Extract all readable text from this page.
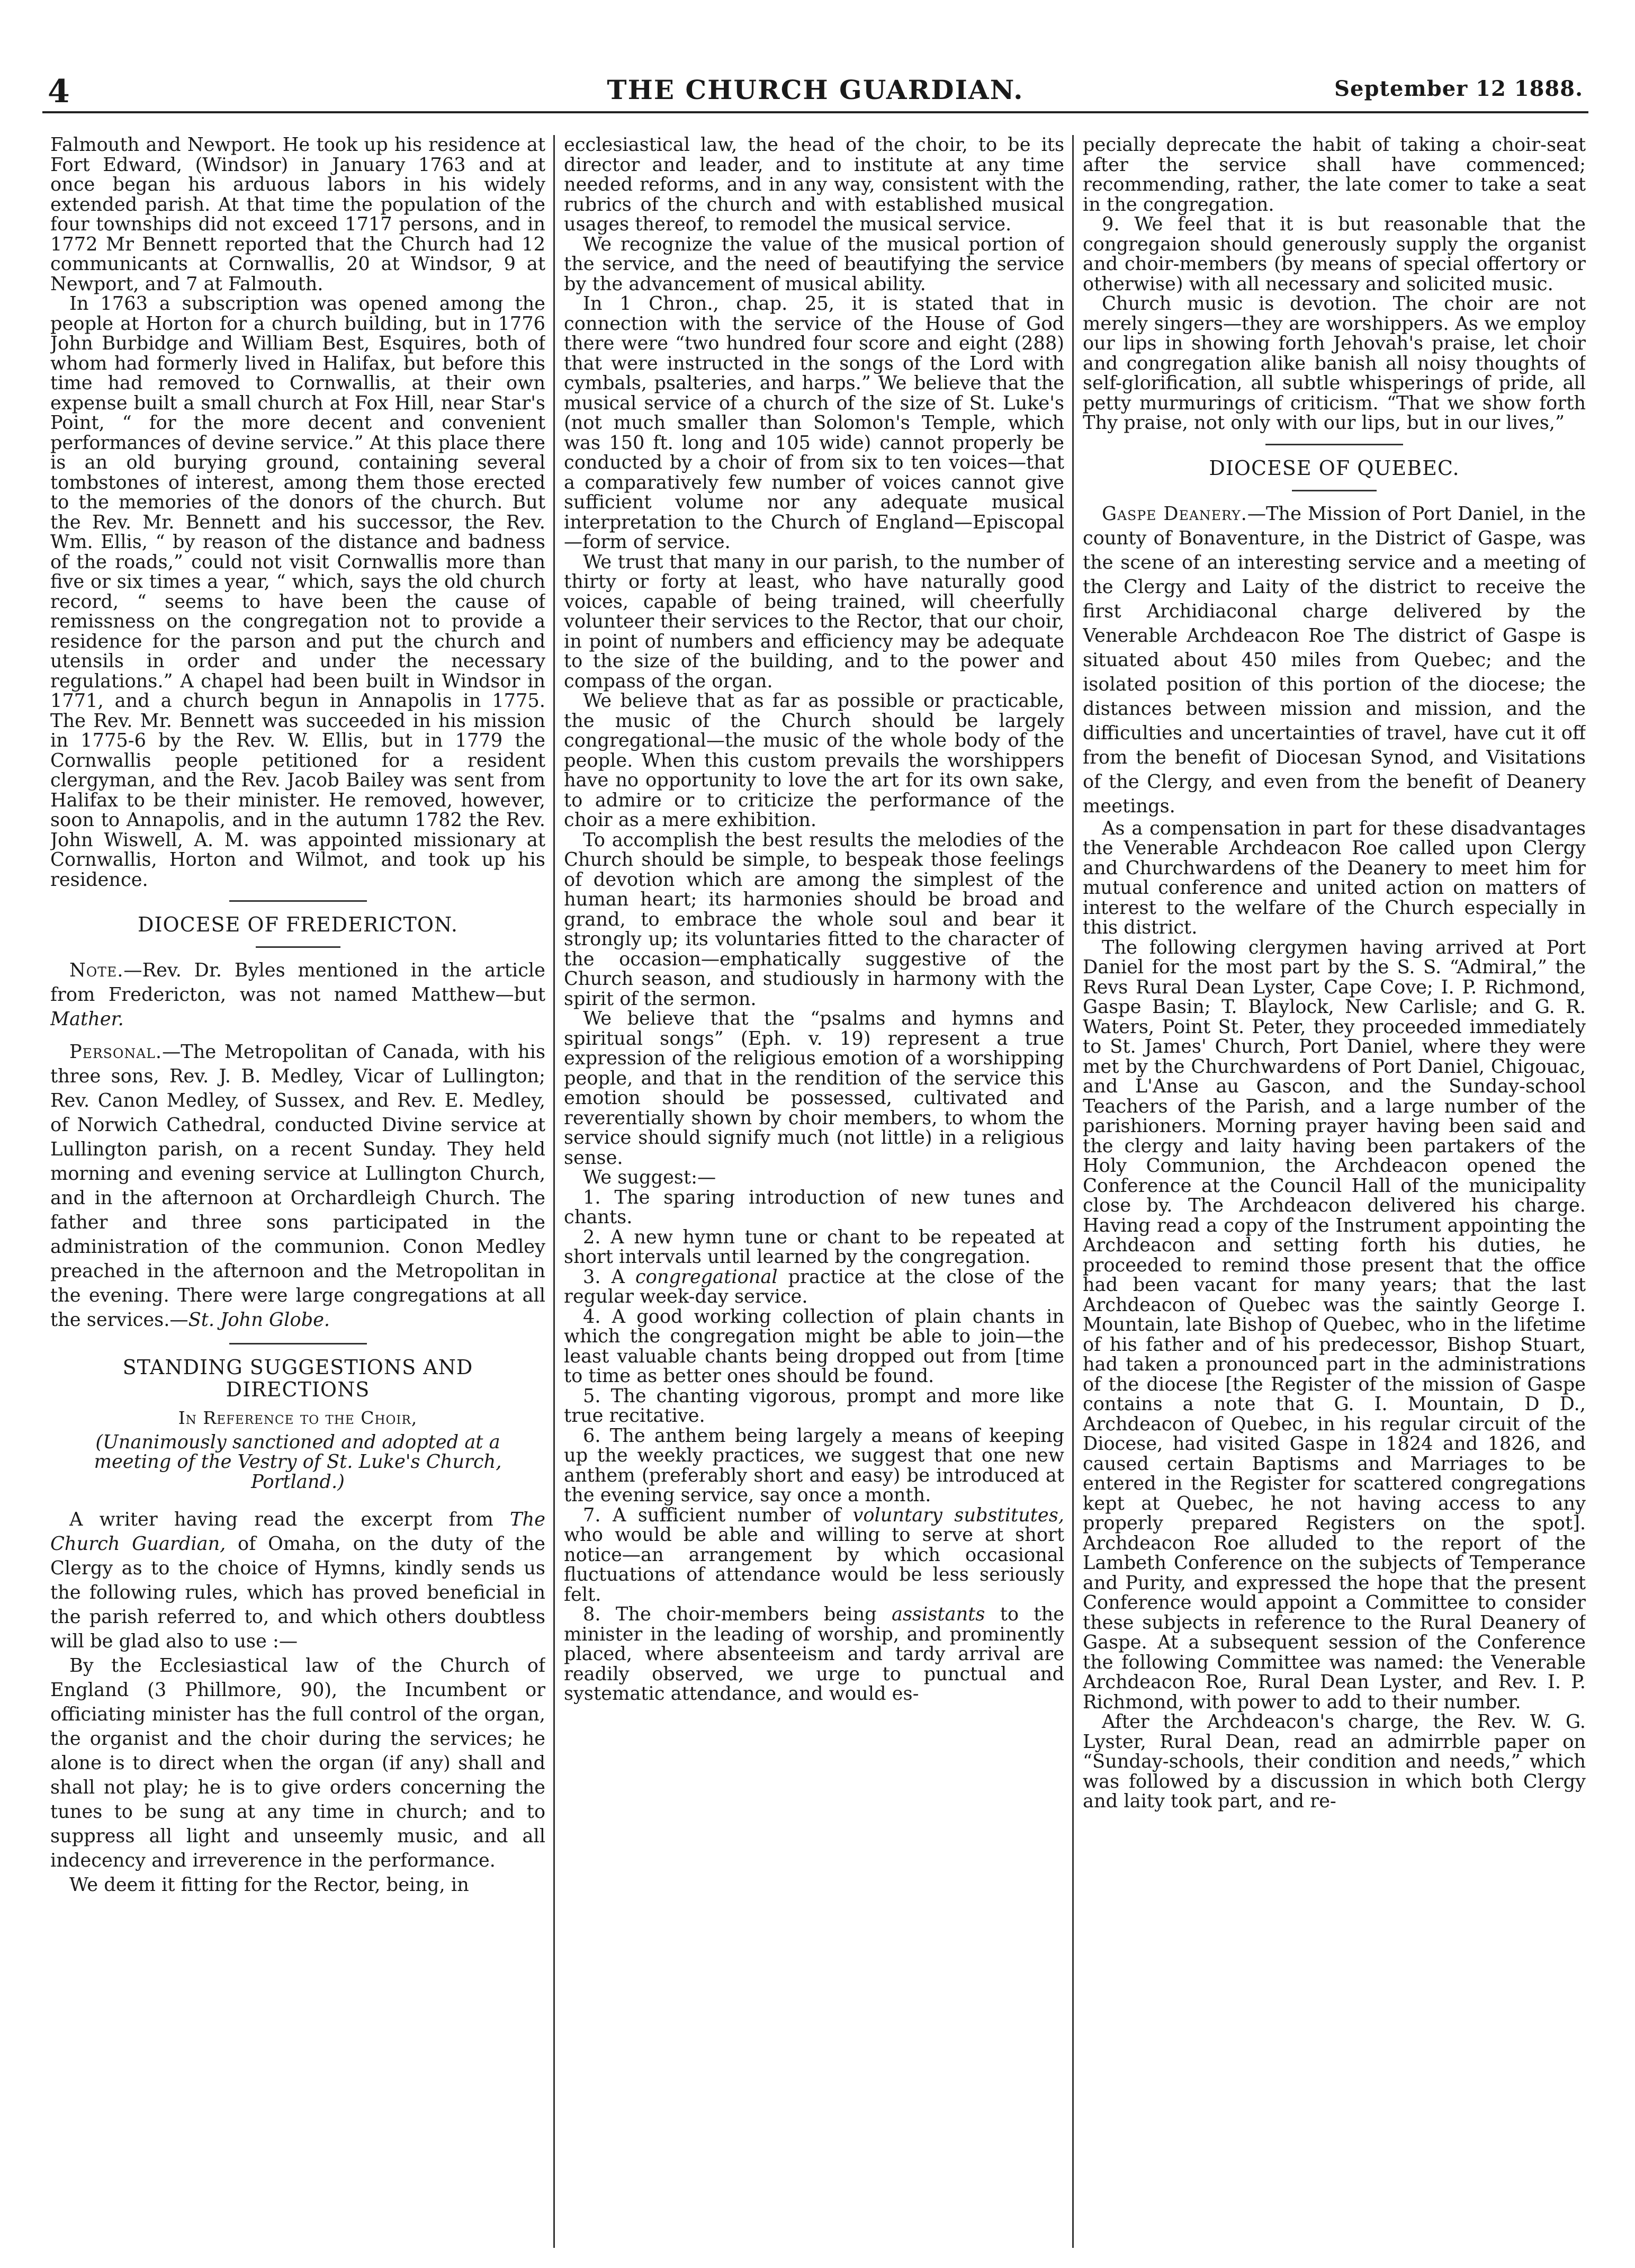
4	THE CHURCH GUARDIAN.	September 12 1888.

Falmouth and Newport. He took up his residence at Fort Edward, (Windsor) in January 1763 and at once began his arduous labors in his widely extended parish. At that time the population of the four townships did not exceed 1717 persons, and in 1772 Mr Bennett reported that the Church had 12 communicants at Cornwallis, 20 at Windsor, 9 at Newport, and 7 at Falmouth.

In 1763 a subscription was opened among the people at Horton for a church building, but in 1776 John Burbidge and William Best, Esquires, both of whom had formerly lived in Halifax, but before this time had removed to Cornwallis, at their own expense built a small church at Fox Hill, near Star's Point, “ for the more decent and convenient performances of devine service.” At this place there is an old burying ground, containing several tombstones of interest, among them those erected to the memories of the donors of the church. But the Rev. Mr. Bennett and his successor, the Rev. Wm. Ellis, “ by reason of the distance and badness of the roads,” could not visit Cornwallis more than five or six times a year, “ which, says the old church record, “ seems to have been the cause of remissness on the congregation not to provide a residence for the parson and put the church and utensils in order and under the necessary regulations.” A chapel had been built in Windsor in 1771, and a church begun in Annapolis in 1775. The Rev. Mr. Bennett was succeeded in his mission in 1775-6 by the Rev. W. Ellis, but in 1779 the Cornwallis people petitioned for a resident clergyman, and the Rev. Jacob Bailey was sent from Halifax to be their minister. He removed, however, soon to Annapolis, and in the autumn 1782 the Rev. John Wiswell, A. M. was appointed missionary at Cornwallis, Horton and Wilmot, and took up his residence.

DIOCESE OF FREDERICTON.

Note.—Rev. Dr. Byles mentioned in the article from Fredericton, was not named Matthew—but Mather.

Personal.—The Metropolitan of Canada, with his three sons, Rev. J. B. Medley, Vicar of Lullington; Rev. Canon Medley, of Sussex, and Rev. E. Medley, of Norwich Cathedral, conducted Divine service at Lullington parish, on a recent Sunday. They held morning and evening service at Lullington Church, and in the afternoon at Orchardleigh Church. The father and three sons participated in the administration of the communion. Conon Medley preached in the afternoon and the Metropolitan in the evening. There were large congregations at all the services.—St. John Globe.

STANDING SUGGESTIONS AND DIRECTIONS
In Reference to the Choir,
(Unanimously sanctioned and adopted at a meeting of the Vestry of St. Luke's Church, Portland.)

A writer having read the excerpt from The Church Guardian, of Omaha, on the duty of the Clergy as to the choice of Hymns, kindly sends us the following rules, which has proved beneficial in the parish referred to, and which others doubtless will be glad also to use :—

By the Ecclesiastical law of the Church of England (3 Phillmore, 90), the Incumbent or officiating minister has the full control of the organ, the organist and the choir during the services; he alone is to direct when the organ (if any) shall and shall not play; he is to give orders concerning the tunes to be sung at any time in church; and to suppress all light and unseemly music, and all indecency and irreverence in the performance.

We deem it fitting for the Rector, being, in

ecclesiastical law, the head of the choir, to be its director and leader, and to institute at any time needed reforms, and in any way, consistent with the rubrics of the church and with established musical usages thereof, to remodel the musical service.

We recognize the value of the musical portion of the service, and the need of beautifying the service by the advancement of musical ability.

In 1 Chron., chap. 25, it is stated that in connection with the service of the House of God there were “two hundred four score and eight (288) that were instructed in the songs of the Lord with cymbals, psalteries, and harps.” We believe that the musical service of a church of the size of St. Luke's (not much smaller than Solomon's Temple, which was 150 ft. long and 105 wide) cannot properly be conducted by a choir of from six to ten voices—that a comparatively few number of voices cannot give sufficient volume nor any adequate musical interpretation to the Church of England—Episcopal—form of service.

We trust that many in our parish, to the number of thirty or forty at least, who have naturally good voices, capable of being trained, will cheerfully volunteer their services to the Rector, that our choir, in point of numbers and efficiency may be adequate to the size of the building, and to the power and compass of the organ.

We believe that as far as possible or practicable, the music of the Church should be largely congregational—the music of the whole body of the people. When this custom prevails the worshippers have no opportunity to love the art for its own sake, to admire or to criticize the performance of the choir as a mere exhibition.

To accomplish the best results the melodies of the Church should be simple, to bespeak those feelings of devotion which are among the simplest of the human heart; its harmonies should be broad and grand, to embrace the whole soul and bear it strongly up; its voluntaries fitted to the character of the occasion—emphatically suggestive of the Church season, and studiously in harmony with the spirit of the sermon.

We believe that the “psalms and hymns and spiritual songs” (Eph. v. 19) represent a true expression of the religious emotion of a worshipping people, and that in the rendition of the service this emotion should be possessed, cultivated and reverentially shown by choir members, to whom the service should signify much (not little) in a religious sense.

We suggest:—

1. The sparing introduction of new tunes and chants.

2. A new hymn tune or chant to be repeated at short intervals until learned by the congregation.

3. A congregational practice at the close of the regular week-day service.

4. A good working collection of plain chants in which the congregation might be able to join—the least valuable chants being dropped out from [time to time as better ones should be found.

5. The chanting vigorous, prompt and more like true recitative.

6. The anthem being largely a means of keeping up the weekly practices, we suggest that one new anthem (preferably short and easy) be introduced at the evening service, say once a month.

7. A sufficient number of voluntary substitutes, who would be able and willing to serve at short notice—an arrangement by which occasional fluctuations of attendance would be less seriously felt.

8. The choir-members being assistants to the minister in the leading of worship, and prominently placed, where absenteeism and tardy arrival are readily observed, we urge to punctual and systematic attendance, and would es-

pecially deprecate the habit of taking a choir-seat after the service shall have commenced; recommending, rather, the late comer to take a seat in the congregation.

9. We feel that it is but reasonable that the congregaion should generously supply the organist and choir-members (by means of special offertory or otherwise) with all necessary and solicited music.

Church music is devotion. The choir are not merely singers—they are worshippers. As we employ our lips in showing forth Jehovah's praise, let choir and congregation alike banish all noisy thoughts of self-glorification, all subtle whisperings of pride, all petty murmurings of criticism. “That we show forth Thy praise, not only with our lips, but in our lives,”

DIOCESE OF QUEBEC.

Gaspe Deanery.—The Mission of Port Daniel, in the county of Bonaventure, in the District of Gaspe, was the scene of an interesting service and a meeting of the Clergy and Laity of the district to receive the first Archidiaconal charge delivered by the Venerable Archdeacon Roe The district of Gaspe is situated about 450 miles from Quebec; and the isolated position of this portion of the diocese; the distances between mission and mission, and the difficulties and uncertainties of travel, have cut it off from the benefit of Diocesan Synod, and Visitations of the Clergy, and even from the benefit of Deanery meetings.

As a compensation in part for these disadvantages the Venerable Archdeacon Roe called upon Clergy and Churchwardens of the Deanery to meet him for mutual conference and united action on matters of interest to the welfare of the Church especially in this district.

The following clergymen having arrived at Port Daniel for the most part by the S. S. “Admiral,” the Revs Rural Dean Lyster, Cape Cove; I. P. Richmond, Gaspe Basin; T. Blaylock, New Carlisle; and G. R. Waters, Point St. Peter, they proceeded immediately to St. James' Church, Port Daniel, where they were met by the Churchwardens of Port Daniel, Chigouac, and L'Anse au Gascon, and the Sunday-school Teachers of the Parish, and a large number of the parishioners. Morning prayer having been said and the clergy and laity having been partakers of the Holy Communion, the Archdeacon opened the Conference at the Council Hall of the municipality close by. The Archdeacon delivered his charge. Having read a copy of the Instrument appointing the Archdeacon and setting forth his duties, he proceeded to remind those present that the office had been vacant for many years; that the last Archdeacon of Quebec was the saintly George I. Mountain, late Bishop of Quebec, who in the lifetime of his father and of his predecessor, Bishop Stuart, had taken a pronounced part in the administrations of the diocese [the Register of the mission of Gaspe contains a note that G. I. Mountain, D D., Archdeacon of Quebec, in his regular circuit of the Diocese, had visited Gaspe in 1824 and 1826, and caused certain Baptisms and Marriages to be entered in the Register for scattered congregations kept at Quebec, he not having access to any properly prepared Registers on the spot]. Archdeacon Roe alluded to the report of the Lambeth Conference on the subjects of Temperance and Purity, and expressed the hope that the present Conference would appoint a Committee to consider these subjects in reference to the Rural Deanery of Gaspe. At a subsequent session of the Conference the following Committee was named: the Venerable Archdeacon Roe, Rural Dean Lyster, and Rev. I. P. Richmond, with power to add to their number.

After the Archdeacon's charge, the Rev. W. G. Lyster, Rural Dean, read an admirrble paper on “Sunday-schools, their condition and needs,” which was followed by a discussion in which both Clergy and laity took part, and re-
